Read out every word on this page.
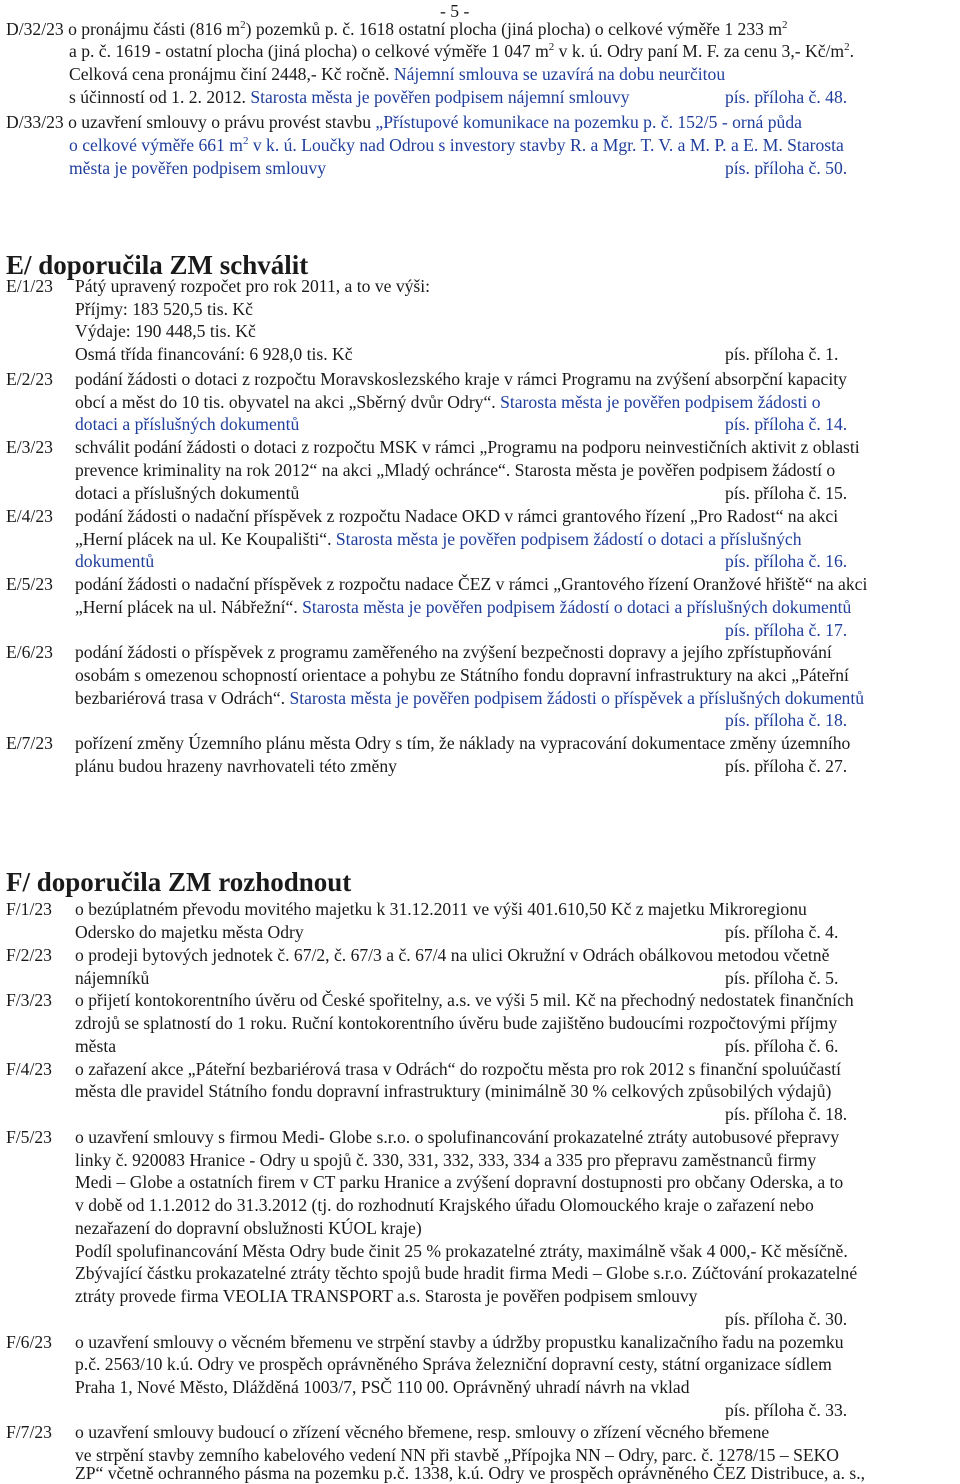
- 5 -
D/32/23 o pronájmu části (816 $m^2$) pozemků p. č. 1618 ostatní plocha (jiná plocha) o celkové výměře 1 233 $m^2$
a p. č. 1619 - ostatní plocha (jiná plocha) o celkové výměře 1 047 $m^2$ v k. ú. Odry paní M. F. za cenu 3,- $Kč/m^2$.
Celková cena pronájmu činí 2448,- Kč ročně. Nájemní smlouva se uzavírá na dobu neurčitou
s účinností od 1. 2. 2012. Starosta města je pověřen podpisem nájemní smlouvy	pís. příloha č. 48.
D/33/23 o uzavření smlouvy o právu provést stavbu „Přístupové komunikace na pozemku p. č. 152/5 - orná půda
o celkové výměře 661 $m^2$ v k. ú. Loučky nad Odrou s investory stavby R. a Mgr. T. V. a M. P. a E. M. Starosta
města je pověřen podpisem smlouvy	pís. příloha č. 50.
E/ doporučila ZM schválit
E/1/23 Pátý upravený rozpočet pro rok 2011, a to ve výši:
Příjmy: 183 520,5 tis. Kč
Výdaje: 190 448,5 tis. Kč
Osmá třída financování: 6 928,0 tis. Kč	pís. příloha č. 1.
E/2/23 podání žádosti o dotaci z rozpočtu Moravskoslezského kraje v rámci Programu na zvýšení absorpční kapacity
obcí a měst do 10 tis. obyvatel na akci „Sběrný dvůr Odry“. Starosta města je pověřen podpisem žádosti o
dotaci a příslušných dokumentů	pís. příloha č. 14.
E/3/23 schválit podání žádosti o dotaci z rozpočtu MSK v rámci „Programu na podporu neinvestičních aktivit z oblasti
prevence kriminality na rok 2012“ na akci „Mladý ochránce“. Starosta města je pověřen podpisem žádostí o
dotaci a příslušných dokumentů	pís. příloha č. 15.
E/4/23 podání žádosti o nadační příspěvek z rozpočtu Nadace OKD v rámci grantového řízení „Pro Radost“ na akci
„Herní plácek na ul. Ke Koupališti“. Starosta města je pověřen podpisem žádostí o dotaci a příslušných
dokumentů	pís. příloha č. 16.
E/5/23 podání žádosti o nadační příspěvek z rozpočtu nadace ČEZ v rámci „Grantového řízení Oranžové hřiště“ na akci
„Herní plácek na ul. Nábřežní“. Starosta města je pověřen podpisem žádostí o dotaci a příslušných dokumentů
pís. příloha č. 17.
E/6/23 podání žádosti o příspěvek z programu zaměřeného na zvýšení bezpečnosti dopravy a jejího zpřístupňování
osobám s omezenou schopností orientace a pohybu ze Státního fondu dopravní infrastruktury na akci „Páteřní
bezbariérová trasa v Odrách“. Starosta města je pověřen podpisem žádosti o příspěvek a příslušných dokumentů
pís. příloha č. 18.
E/7/23 pořízení změny Územního plánu města Odry s tím, že náklady na vypracování dokumentace změny územního
plánu budou hrazeny navrhovateli této změny	pís. příloha č. 27.
F/ doporučila ZM rozhodnout
F/1/23 o bezúplatném převodu movitého majetku k 31.12.2011 ve výši 401.610,50 Kč z majetku Mikroregionu
Odersko do majetku města Odry	pís. příloha č. 4.
F/2/23 o prodeji bytových jednotek č. 67/2, č. 67/3 a č. 67/4 na ulici Okružní v Odrách obálkovou metodou včetně
nájemníků	pís. příloha č. 5.
F/3/23 o přijetí kontokorentního úvěru od České spořitelny, a.s. ve výši 5 mil. Kč na přechodný nedostatek finančních
zdrojů se splatností do 1 roku. Ruční kontokorentního úvěru bude zajištěno budoucími rozpočtovými příjmy
města	pís. příloha č. 6.
F/4/23 o zařazení akce „Páteřní bezbariérová trasa v Odrách“ do rozpočtu města pro rok 2012 s finanční spoluúčastí
města dle pravidel Státního fondu dopravní infrastruktury (minimálně 30 % celkových způsobilých výdajů)
pís. příloha č. 18.
F/5/23 o uzavření smlouvy s firmou Medi- Globe s.r.o. o spolufinancování prokazatelné ztráty autobusové přepravy
linky č. 920083 Hranice - Odry u spojů č. 330, 331, 332, 333, 334 a 335 pro přepravu zaměstnanců firmy
Medi – Globe a ostatních firem v CT parku Hranice a zvýšení dopravní dostupnosti pro občany Oderska, a to
v době od 1.1.2012 do 31.3.2012 (tj. do rozhodnutí Krajského úřadu Olomouckého kraje o zařazení nebo
nezařazení do dopravní obslužnosti KÚOL kraje)
Podíl spolufinancování Města Odry bude činit 25 % prokazatelné ztráty, maximálně však 4 000,- Kč měsíčně.
Zbývající částku prokazatelné ztráty těchto spojů bude hradit firma Medi – Globe s.r.o. Zúčtování prokazatelné
ztráty provede firma VEOLIA TRANSPORT a.s. Starosta je pověřen podpisem smlouvy
pís. příloha č. 30.
F/6/23 o uzavření smlouvy o věcném břemenu ve strpění stavby a údržby propustku kanalizačního řadu na pozemku
p.č. 2563/10 k.ú. Odry ve prospěch oprávněného Správa železniční dopravní cesty, státní organizace sídlem
Praha 1, Nové Město, Dlážděná 1003/7, PSČ 110 00. Oprávněný uhradí návrh na vklad
pís. příloha č. 33.
F/7/23 o uzavření smlouvy budoucí o zřízení věcného břemene, resp. smlouvy o zřízení věcného břemene
ve strpění stavby zemního kabelového vedení NN při stavbě „Přípojka NN – Odry, parc. č. 1278/15 – SEKO
ZP“ včetně ochranného pásma na pozemku p.č. 1338, k.ú. Odry ve prospěch oprávněného ČEZ Distribuce, a. s.,
